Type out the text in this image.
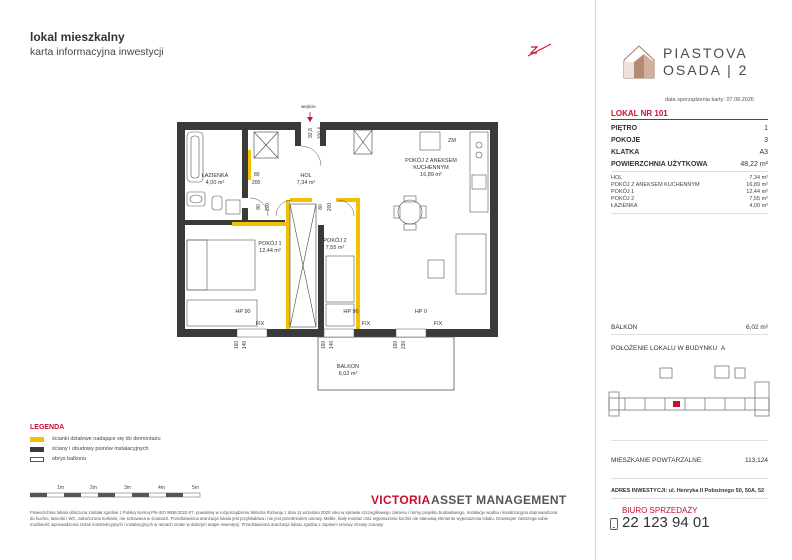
lokal mieszkalny
karta informacyjna inwestycji	PIASTOVA
OSADA | 2
data sporządzenia karty: 07.08.2026
LOKAL NR 101
PIĘTRO	1
POKOJE	3
KLATKA	A3
POWIERZCHNIA UŻYTKOWA	48,22 m²
HOL	7,34 m²
POKÓJ Z ANEKSEM KUCHENNYM	16,89 m²
POKÓJ 1	12,44 m²
POKÓJ 2	7,55 m²
ŁAZIENKA	4,00 m²
BALKON	6,02 m²
POŁOŻENIE LOKALU W BUDYNKU A
MIESZKANIE POWTARZALNE:	113,124
ADRES INWESTYCJI: ul. Henryka II Pobożnego 50, 50A, 52
BIURO SPRZEDAŻY
22 123 94 01
wejście
ŁAZIENKA
4,00 m²
HOL
7,34 m²
POKÓJ Z ANEKSEM KUCHENNYM
16,89 m²
POKÓJ 1
12,44 m²
POKÓJ 2
7,55 m²
BALKON
6,02 m²
ZM
HP 90	HP 90	HP 0
FIX	FIX	FIX
92,8 200,6
80
200
80 200	80 200
160 140	160 140	160 230
LEGENDA
ścianki działowe nadające się do demontażu
ściany i obudowy pionów instalacyjnych
obrys balkonu
1m	2m	3m	4m	5m
VICTORIA ASSET MANAGEMENT
Powierzchnia lokalu obliczona została zgodnie z Polską Normą PN-ISO 9836:2022-07, powołaną w rozporządzeniu Ministra Rozwoju z dnia 11 września 2020 roku w sprawie szczegółowego zakresu i formy projektu budowlanego. Instalacje wodna i kanalizacyjna doprowadzona do kuchni, łazienki i WC, zakończona korkami, nie schowana w ścianach. Przedstawiona aranżacja lokalu jest przykładowa i nie jest przedmiotem umowy. Meble, biały montaż oraz wyposażenie kuchni nie stanowią elementu wyposażenia lokalu. Deweloper zastrzega sobie możliwość wprowadzenia zmian konstrukcyjnych i instalacyjnych w ramach zmian w dalszym etapie inwestycji. Przedstawiona aranżacja lokalu zgodna z zapisem umowy zmowy zonowy.
